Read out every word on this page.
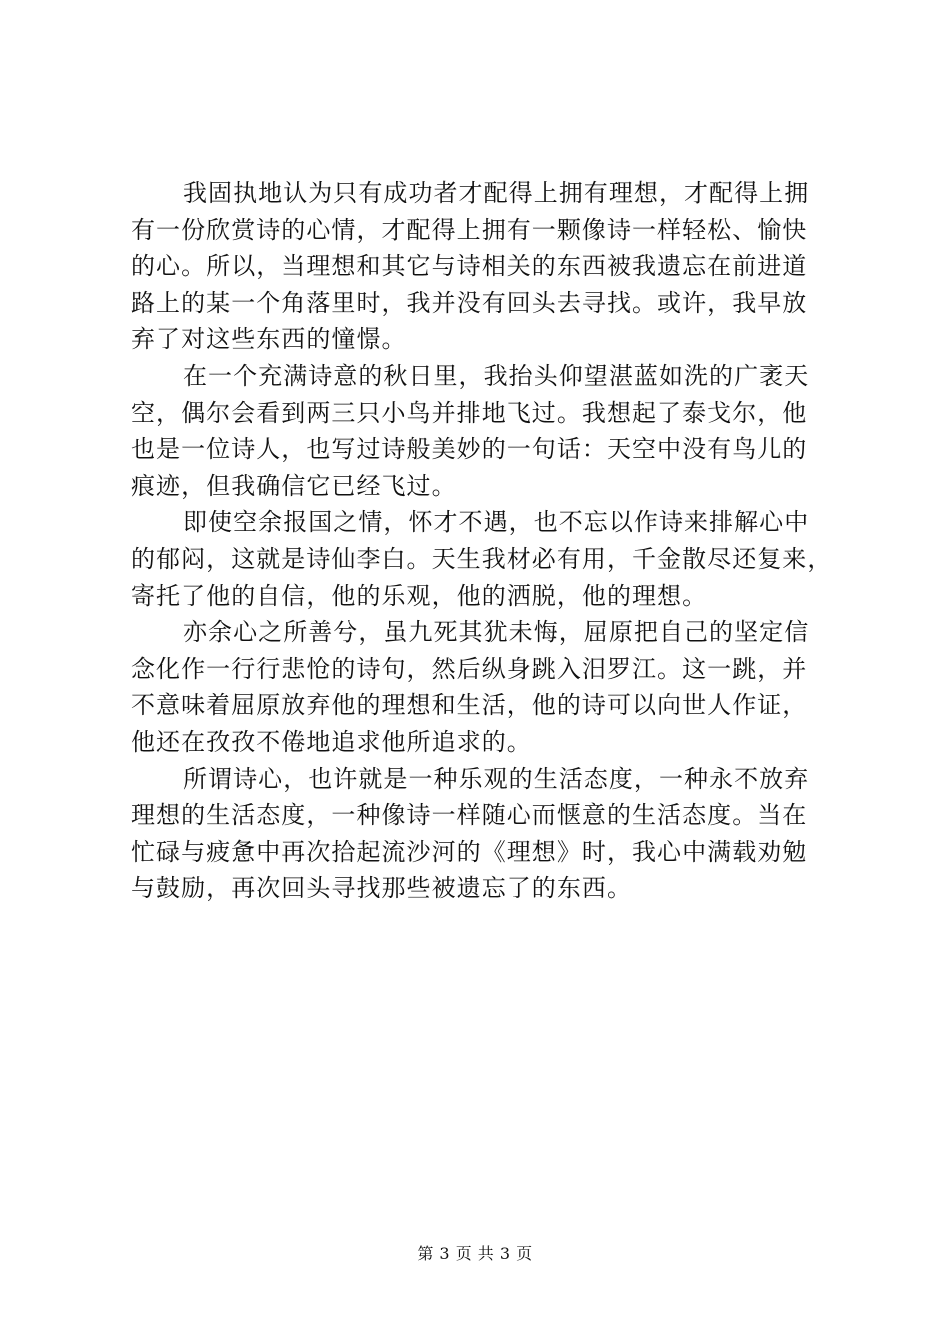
我固执地认为只有成功者才配得上拥有理想，才配得上拥
有一份欣赏诗的心情，才配得上拥有一颗像诗一样轻松、愉快
的心。所以，当理想和其它与诗相关的东西被我遗忘在前进道
路上的某一个角落里时，我并没有回头去寻找。或许，我早放
弃了对这些东西的憧憬。
在一个充满诗意的秋日里，我抬头仰望湛蓝如洗的广袤天
空，偶尔会看到两三只小鸟并排地飞过。我想起了泰戈尔，他
也是一位诗人，也写过诗般美妙的一句话：天空中没有鸟儿的
痕迹，但我确信它已经飞过。
即使空余报国之情，怀才不遇，也不忘以作诗来排解心中
的郁闷，这就是诗仙李白。天生我材必有用，千金散尽还复来，
寄托了他的自信，他的乐观，他的洒脱，他的理想。
亦余心之所善兮，虽九死其犹未悔，屈原把自己的坚定信
念化作一行行悲怆的诗句，然后纵身跳入汨罗江。这一跳，并
不意味着屈原放弃他的理想和生活，他的诗可以向世人作证，
他还在孜孜不倦地追求他所追求的。
所谓诗心，也许就是一种乐观的生活态度，一种永不放弃
理想的生活态度，一种像诗一样随心而惬意的生活态度。当在
忙碌与疲惫中再次拾起流沙河的《理想》时，我心中满载劝勉
与鼓励，再次回头寻找那些被遗忘了的东西。
第 3 页 共 3 页
